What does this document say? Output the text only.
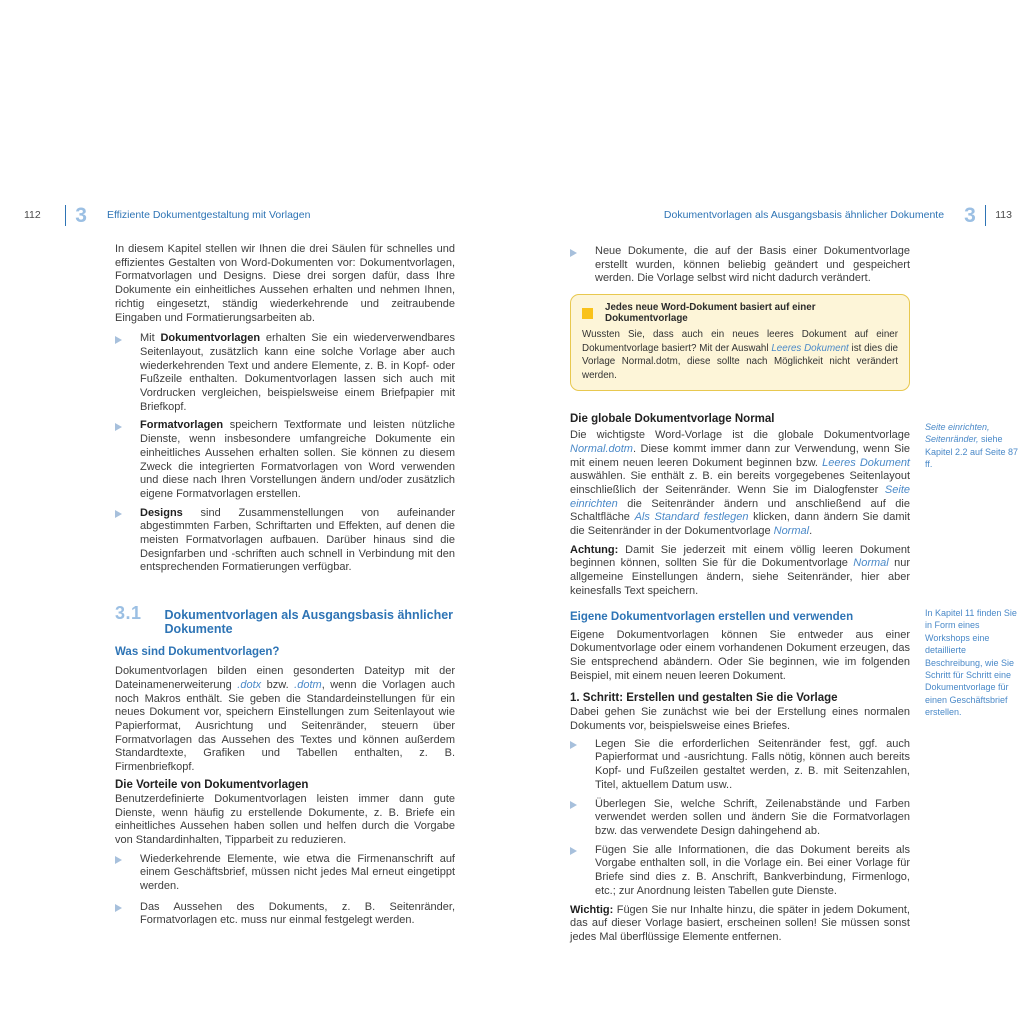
112 3 Effiziente Dokumentgestaltung mit Vorlagen

In diesem Kapitel stellen wir Ihnen die drei Säulen für schnelles und effizientes Gestalten von Word-Dokumenten vor: Dokumentvorlagen, Formatvorlagen und Designs. Diese drei sorgen dafür, dass Ihre Dokumente ein einheitliches Aussehen erhalten und nehmen Ihnen, richtig eingesetzt, ständig wiederkehrende und zeitraubende Eingaben und Formatierungsarbeiten ab.

Mit Dokumentvorlagen erhalten Sie ein wiederverwendbares Seitenlayout, zusätzlich kann eine solche Vorlage aber auch wiederkehrenden Text und andere Elemente, z. B. in Kopf- oder Fußzeile enthalten. Dokumentvorlagen lassen sich auch mit Vordrucken vergleichen, beispielsweise einem Briefpapier mit Briefkopf.

Formatvorlagen speichern Textformate und leisten nützliche Dienste, wenn insbesondere umfangreiche Dokumente ein einheitliches Aussehen erhalten sollen. Sie können zu diesem Zweck die integrierten Formatvorlagen von Word verwenden und diese nach Ihren Vorstellungen ändern und/oder zusätzlich eigene Formatvorlagen erstellen.

Designs sind Zusammenstellungen von aufeinander abgestimmten Farben, Schriftarten und Effekten, auf denen die meisten Formatvorlagen aufbauen. Darüber hinaus sind die Designfarben und -schriften auch schnell in Verbindung mit den entsprechenden Formatierungen verfügbar.

3.1 Dokumentvorlagen als Ausgangsbasis ähnlicher Dokumente
Was sind Dokumentvorlagen?

Dokumentvorlagen bilden einen gesonderten Dateityp mit der Dateinamenerweiterung .dotx bzw. .dotm, wenn die Vorlagen auch noch Makros enthält. Sie geben die Standardeinstellungen für ein neues Dokument vor, speichern Einstellungen zum Seitenlayout wie Papierformat, Ausrichtung und Seitenränder, steuern über Formatvorlagen das Aussehen des Textes und können außerdem Standardtexte, Grafiken und Tabellen enthalten, z. B. Firmenbriefkopf.

Die Vorteile von Dokumentvorlagen

Benutzerdefinierte Dokumentvorlagen leisten immer dann gute Dienste, wenn häufig zu erstellende Dokumente, z. B. Briefe ein einheitliches Aussehen haben sollen und helfen durch die Vorgabe von Standardinhalten, Tipparbeit zu reduzieren.

Wiederkehrende Elemente, wie etwa die Firmenanschrift auf einem Geschäftsbrief, müssen nicht jedes Mal erneut eingetippt werden.

Das Aussehen des Dokuments, z. B. Seitenränder, Formatvorlagen etc. muss nur einmal festgelegt werden.

Dokumentvorlagen als Ausgangsbasis ähnlicher Dokumente 3 113

Neue Dokumente, die auf der Basis einer Dokumentvorlage erstellt wurden, können beliebig geändert und gespeichert werden. Die Vorlage selbst wird nicht dadurch verändert.

Jedes neue Word-Dokument basiert auf einer Dokumentvorlage

Wussten Sie, dass auch ein neues leeres Dokument auf einer Dokumentvorlage basiert? Mit der Auswahl Leeres Dokument ist dies die Vorlage Normal.dotm, diese sollte nach Möglichkeit nicht verändert werden.

Die globale Dokumentvorlage Normal

Die wichtigste Word-Vorlage ist die globale Dokumentvorlage Normal.dotm. Diese kommt immer dann zur Verwendung, wenn Sie mit einem neuen leeren Dokument beginnen bzw. Leeres Dokument auswählen. Sie enthält z. B. ein bereits vorgegebenes Seitenlayout einschließlich der Seitenränder. Wenn Sie im Dialogfenster Seite einrichten die Seitenränder ändern und anschließend auf die Schaltfläche Als Standard festlegen klicken, dann ändern Sie damit die Seitenränder in der Dokumentvorlage Normal.

Achtung: Damit Sie jederzeit mit einem völlig leeren Dokument beginnen können, sollten Sie für die Dokumentvorlage Normal nur allgemeine Einstellungen ändern, siehe Seitenränder, hier aber keinesfalls Text speichern.

Eigene Dokumentvorlagen erstellen und verwenden

Eigene Dokumentvorlagen können Sie entweder aus einer Dokumentvorlage oder einem vorhandenen Dokument erzeugen, das Sie entsprechend abändern. Oder Sie beginnen, wie im folgenden Beispiel, mit einem neuen leeren Dokument.

1. Schritt: Erstellen und gestalten Sie die Vorlage

Dabei gehen Sie zunächst wie bei der Erstellung eines normalen Dokuments vor, beispielsweise eines Briefes.

Legen Sie die erforderlichen Seitenränder fest, ggf. auch Papierformat und -ausrichtung. Falls nötig, können auch bereits Kopf- und Fußzeilen gestaltet werden, z. B. mit Seitenzahlen, Titel, aktuellem Datum usw..

Überlegen Sie, welche Schrift, Zeilenabstände und Farben verwendet werden sollen und ändern Sie die Formatvorlagen bzw. das verwendete Design dahingehend ab.

Fügen Sie alle Informationen, die das Dokument bereits als Vorgabe enthalten soll, in die Vorlage ein. Bei einer Vorlage für Briefe sind dies z. B. Anschrift, Bankverbindung, Firmenlogo, etc.; zur Anordnung leisten Tabellen gute Dienste.

Wichtig: Fügen Sie nur Inhalte hinzu, die später in jedem Dokument, das auf dieser Vorlage basiert, erscheinen sollen! Sie müssen sonst jedes Mal überflüssige Elemente entfernen.

Seite einrichten, Seitenränder, siehe Kapitel 2.2 auf Seite 87 ff.
In Kapitel 11 finden Sie in Form eines Workshops eine detaillierte Beschreibung, wie Sie Schritt für Schritt eine Dokumentvorlage für einen Geschäftsbrief erstellen.
